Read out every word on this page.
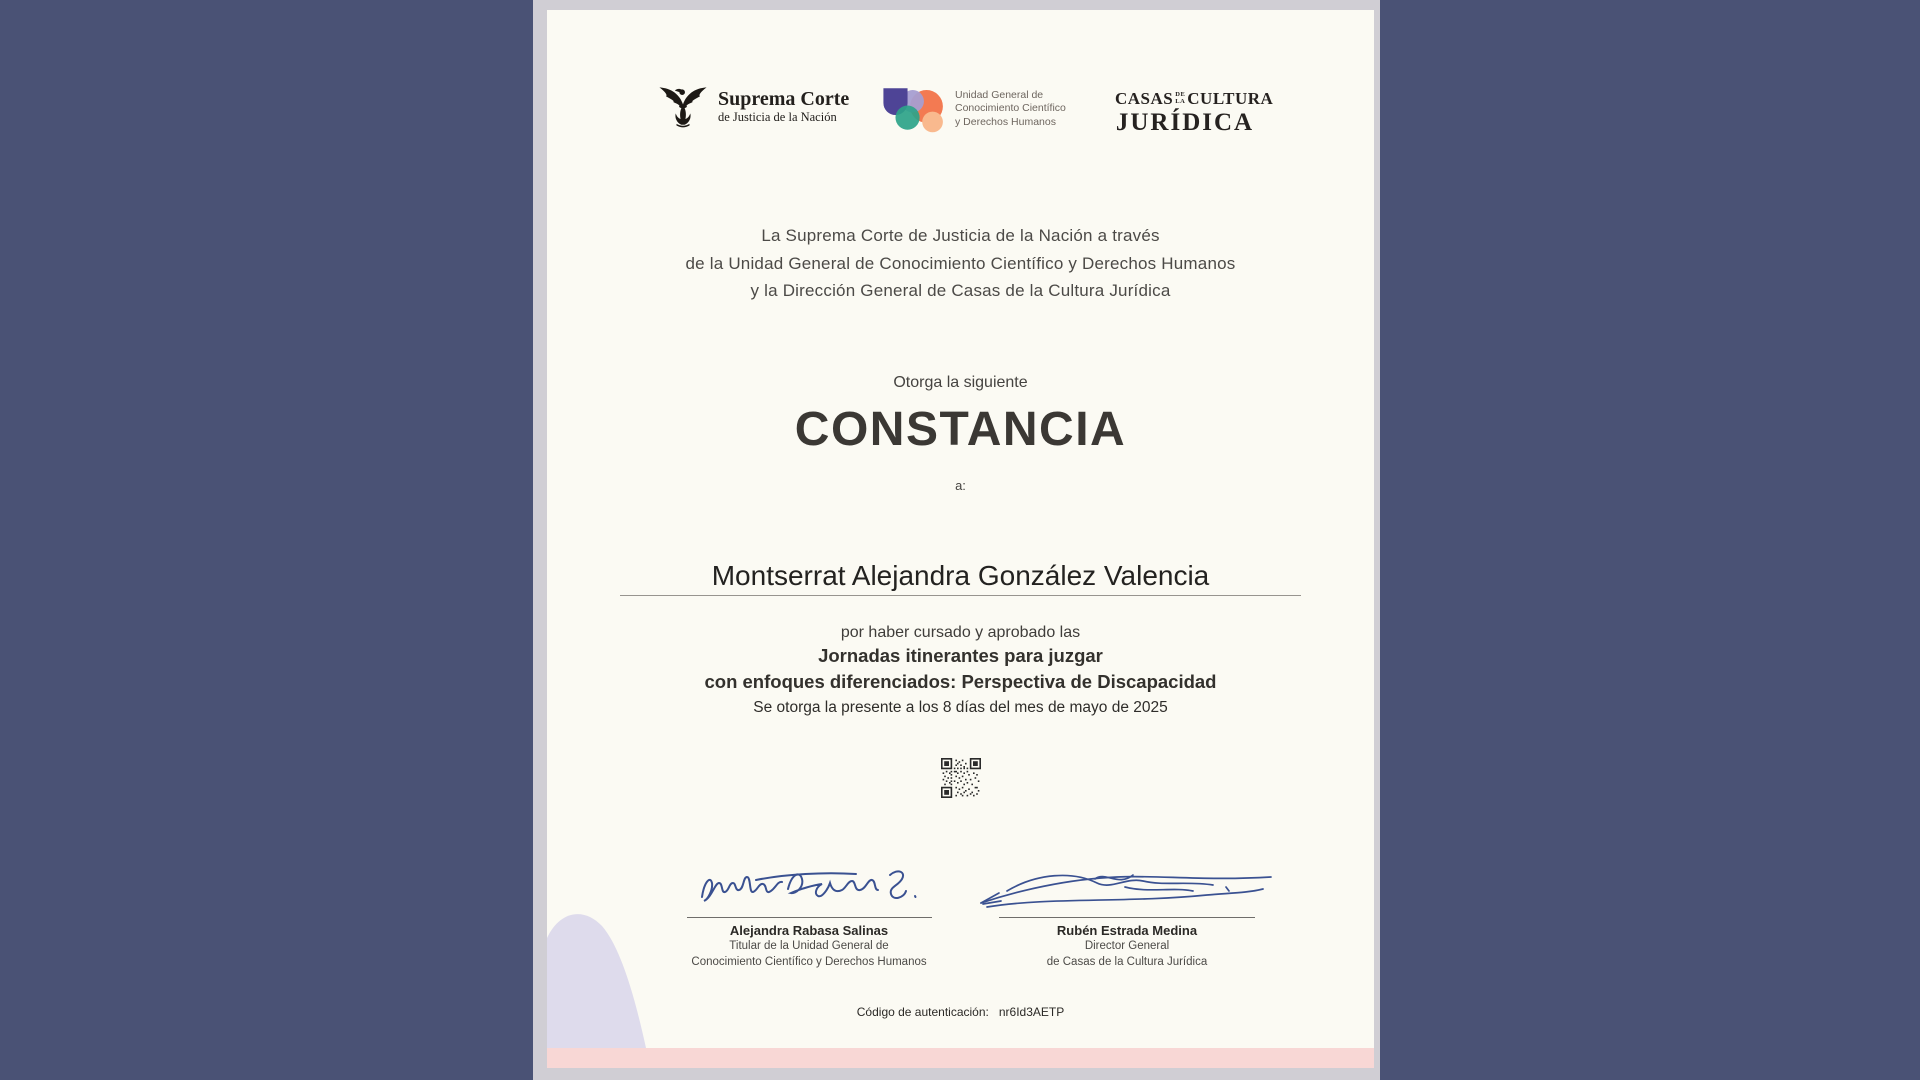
Suprema Corte
de Justicia de la Nación
Unidad General de
Conocimiento Científico
y Derechos Humanos
CASAS DE
LA CULTURA
JURÍDICA
La Suprema Corte de Justicia de la Nación a través
de la Unidad General de Conocimiento Científico y Derechos Humanos
y la Dirección General de Casas de la Cultura Jurídica
Otorga la siguiente
CONSTANCIA
a:
Montserrat Alejandra González Valencia
por haber cursado y aprobado las
Jornadas itinerantes para juzgar
con enfoques diferenciados: Perspectiva de Discapacidad
Se otorga la presente a los 8 días del mes de mayo de 2025
Alejandra Rabasa Salinas
Titular de la Unidad General de
Conocimiento Científico y Derechos Humanos
Rubén Estrada Medina
Director General
de Casas de la Cultura Jurídica
Código de autenticación: nr6Id3AETP
